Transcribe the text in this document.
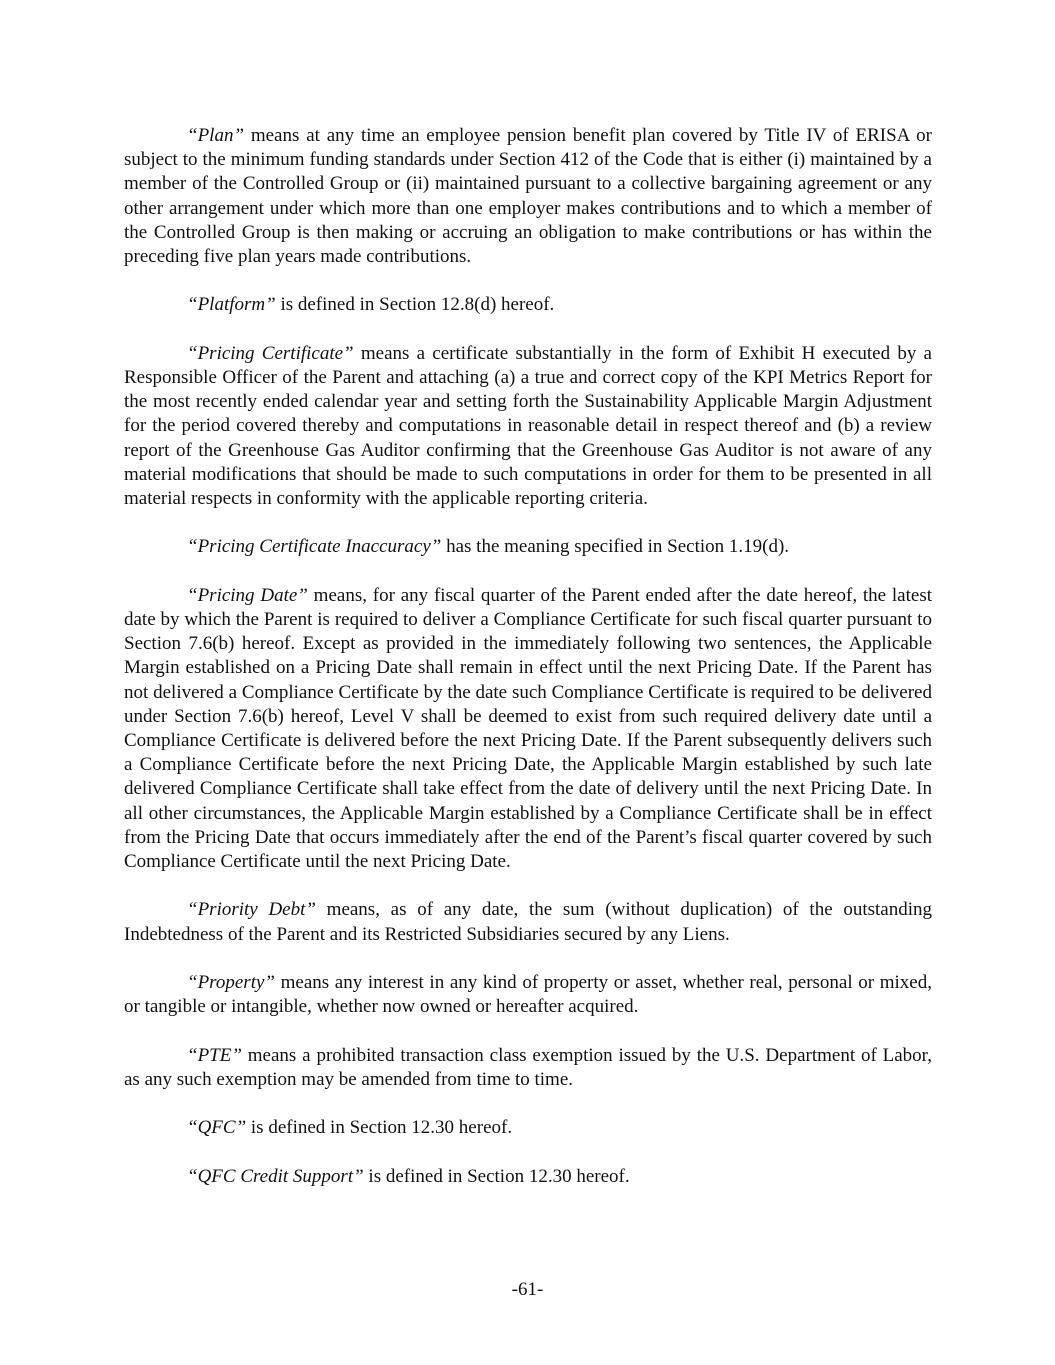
“Plan” means at any time an employee pension benefit plan covered by Title IV of ERISA or subject to the minimum funding standards under Section 412 of the Code that is either (i) maintained by a member of the Controlled Group or (ii) maintained pursuant to a collective bargaining agreement or any other arrangement under which more than one employer makes contributions and to which a member of the Controlled Group is then making or accruing an obligation to make contributions or has within the preceding five plan years made contributions.

“Platform” is defined in Section 12.8(d) hereof.

“Pricing Certificate” means a certificate substantially in the form of Exhibit H executed by a Responsible Officer of the Parent and attaching (a) a true and correct copy of the KPI Metrics Report for the most recently ended calendar year and setting forth the Sustainability Applicable Margin Adjustment for the period covered thereby and computations in reasonable detail in respect thereof and (b) a review report of the Greenhouse Gas Auditor confirming that the Greenhouse Gas Auditor is not aware of any material modifications that should be made to such computations in order for them to be presented in all material respects in conformity with the applicable reporting criteria.

“Pricing Certificate Inaccuracy” has the meaning specified in Section 1.19(d).

“Pricing Date” means, for any fiscal quarter of the Parent ended after the date hereof, the latest date by which the Parent is required to deliver a Compliance Certificate for such fiscal quarter pursuant to Section 7.6(b) hereof. Except as provided in the immediately following two sentences, the Applicable Margin established on a Pricing Date shall remain in effect until the next Pricing Date. If the Parent has not delivered a Compliance Certificate by the date such Compliance Certificate is required to be delivered under Section 7.6(b) hereof, Level V shall be deemed to exist from such required delivery date until a Compliance Certificate is delivered before the next Pricing Date. If the Parent subsequently delivers such a Compliance Certificate before the next Pricing Date, the Applicable Margin established by such late delivered Compliance Certificate shall take effect from the date of delivery until the next Pricing Date. In all other circumstances, the Applicable Margin established by a Compliance Certificate shall be in effect from the Pricing Date that occurs immediately after the end of the Parent’s fiscal quarter covered by such Compliance Certificate until the next Pricing Date.

“Priority Debt” means, as of any date, the sum (without duplication) of the outstanding Indebtedness of the Parent and its Restricted Subsidiaries secured by any Liens.

“Property” means any interest in any kind of property or asset, whether real, personal or mixed, or tangible or intangible, whether now owned or hereafter acquired.

“PTE” means a prohibited transaction class exemption issued by the U.S. Department of Labor, as any such exemption may be amended from time to time.

“QFC” is defined in Section 12.30 hereof.

“QFC Credit Support” is defined in Section 12.30 hereof.

-61-
